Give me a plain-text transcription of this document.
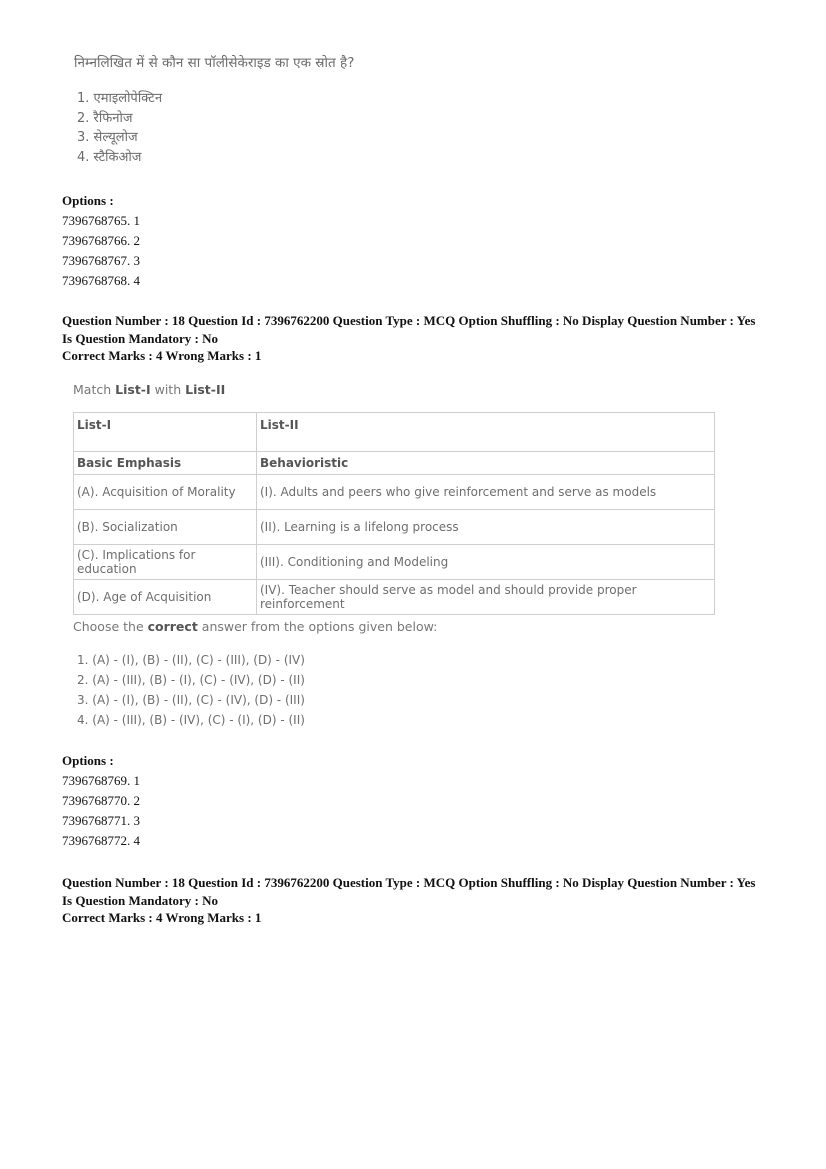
निम्नलिखित में से कौन सा पॉलीसेकेराइड का एक स्रोत है?
1. एमाइलोपेक्टिन
2. रैफिनोज
3. सेल्यूलोज
4. स्टैकिओज
Options :
7396768765. 1
7396768766. 2
7396768767. 3
7396768768. 4
Question Number : 18 Question Id : 7396762200 Question Type : MCQ Option Shuffling : No Display Question Number : Yes
Is Question Mandatory : No
Correct Marks : 4 Wrong Marks : 1
Match List-I with List-II
List-I	List-II
Basic Emphasis	Behavioristic
(A). Acquisition of Morality	(I). Adults and peers who give reinforcement and serve as models
(B). Socialization	(II). Learning is a lifelong process
(C). Implications for education	(III). Conditioning and Modeling
(D). Age of Acquisition	(IV). Teacher should serve as model and should provide proper reinforcement
Choose the correct answer from the options given below:
1. (A) - (I), (B) - (II), (C) - (III), (D) - (IV)
2. (A) - (III), (B) - (I), (C) - (IV), (D) - (II)
3. (A) - (I), (B) - (II), (C) - (IV), (D) - (III)
4. (A) - (III), (B) - (IV), (C) - (I), (D) - (II)
Options :
7396768769. 1
7396768770. 2
7396768771. 3
7396768772. 4
Question Number : 18 Question Id : 7396762200 Question Type : MCQ Option Shuffling : No Display Question Number : Yes
Is Question Mandatory : No
Correct Marks : 4 Wrong Marks : 1
